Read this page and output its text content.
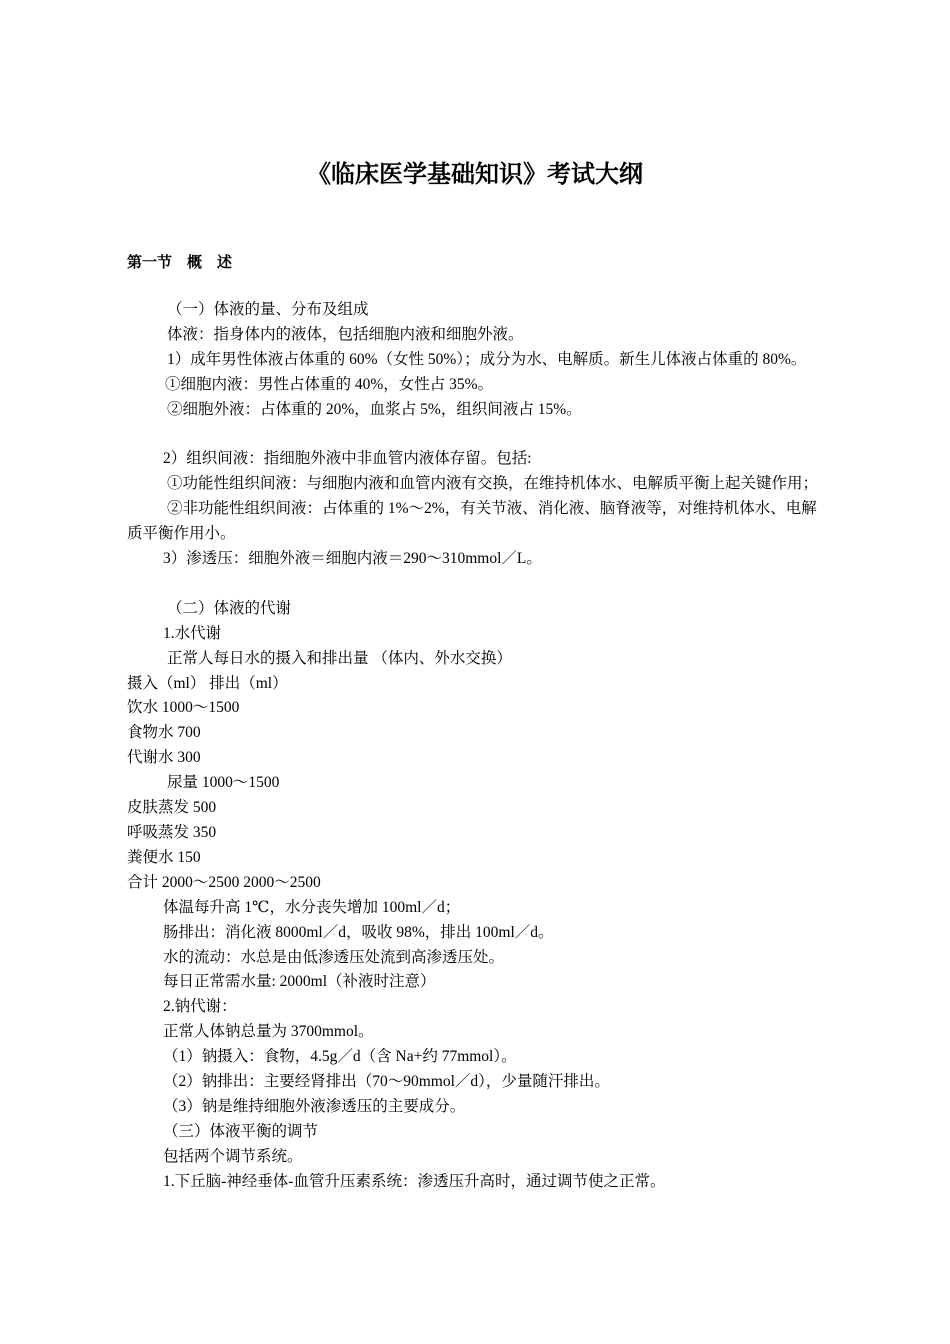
《临床医学基础知识》考试大纲
第一节　概　述
（一）体液的量、分布及组成
体液：指身体内的液体，包括细胞内液和细胞外液。
1）成年男性体液占体重的 60%（女性 50%）；成分为水、电解质。新生儿体液占体重的 80%。
①细胞内液：男性占体重的 40%，女性占 35%。
②细胞外液：占体重的 20%，血浆占 5%，组织间液占 15%。
2）组织间液：指细胞外液中非血管内液体存留。包括:
①功能性组织间液：与细胞内液和血管内液有交换，在维持机体水、电解质平衡上起关键作用；
②非功能性组织间液：占体重的 1%～2%，有关节液、消化液、脑脊液等，对维持机体水、电解质平衡作用小。
3）渗透压：细胞外液＝细胞内液＝290～310mmol／L。
（二）体液的代谢
1.水代谢
正常人每日水的摄入和排出量 （体内、外水交换）
摄入（ml） 排出（ml）
饮水 1000～1500
食物水 700
代谢水 300
尿量 1000～1500
皮肤蒸发 500
呼吸蒸发 350
粪便水 150
合计 2000～2500 2000～2500
体温每升高 1℃，水分丧失增加 100ml／d；
肠排出：消化液 8000ml／d，吸收 98%，排出 100ml／d。
水的流动：水总是由低渗透压处流到高渗透压处。
每日正常需水量: 2000ml（补液时注意）
2.钠代谢：
正常人体钠总量为 3700mmol。
（1）钠摄入：食物，4.5g／d（含 Na+约 77mmol）。
（2）钠排出：主要经肾排出（70～90mmol／d），少量随汗排出。
（3）钠是维持细胞外液渗透压的主要成分。
（三）体液平衡的调节
包括两个调节系统。
1.下丘脑-神经垂体-血管升压素系统：渗透压升高时，通过调节使之正常。
